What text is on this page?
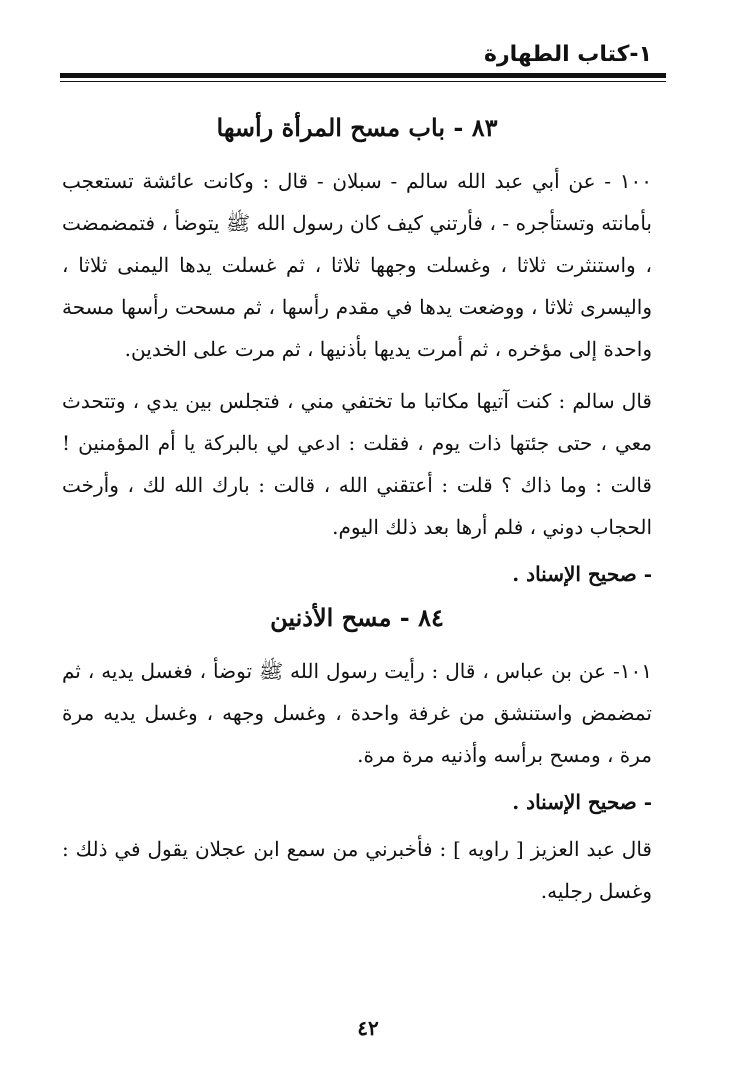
١-كتاب الطهارة
٨٣ - باب مسح المرأة رأسها

١٠٠ - عن أبي عبد الله سالم - سبلان - قال : وكانت عائشة تستعجب بأمانته وتستأجره - ، فأرتني كيف كان رسول الله ﷺ يتوضأ ، فتمضمضت ، واستنثرت ثلاثا ، وغسلت وجهها ثلاثا ، ثم غسلت يدها اليمنى ثلاثا ، واليسرى ثلاثا ، ووضعت يدها في مقدم رأسها ، ثم مسحت رأسها مسحة واحدة إلى مؤخره ، ثم أمرت يديها بأذنيها ، ثم مرت على الخدين.

قال سالم : كنت آتيها مكاتبا ما تختفي مني ، فتجلس بين يدي ، وتتحدث معي ، حتى جئتها ذات يوم ، فقلت : ادعي لي بالبركة يا أم المؤمنين ! قالت : وما ذاك ؟ قلت : أعتقني الله ، قالت : بارك الله لك ، وأرخت الحجاب دوني ، فلم أرها بعد ذلك اليوم.

- صحيح الإسناد .
٨٤ - مسح الأذنين

١٠١- عن بن عباس ، قال : رأيت رسول الله ﷺ توضأ ، فغسل يديه ، ثم تمضمض واستنشق من غرفة واحدة ، وغسل وجهه ، وغسل يديه مرة مرة ، ومسح برأسه وأذنيه مرة مرة.

- صحيح الإسناد .

قال عبد العزيز [ راويه ] : فأخبرني من سمع ابن عجلان يقول في ذلك : وغسل رجليه.

٤٢
